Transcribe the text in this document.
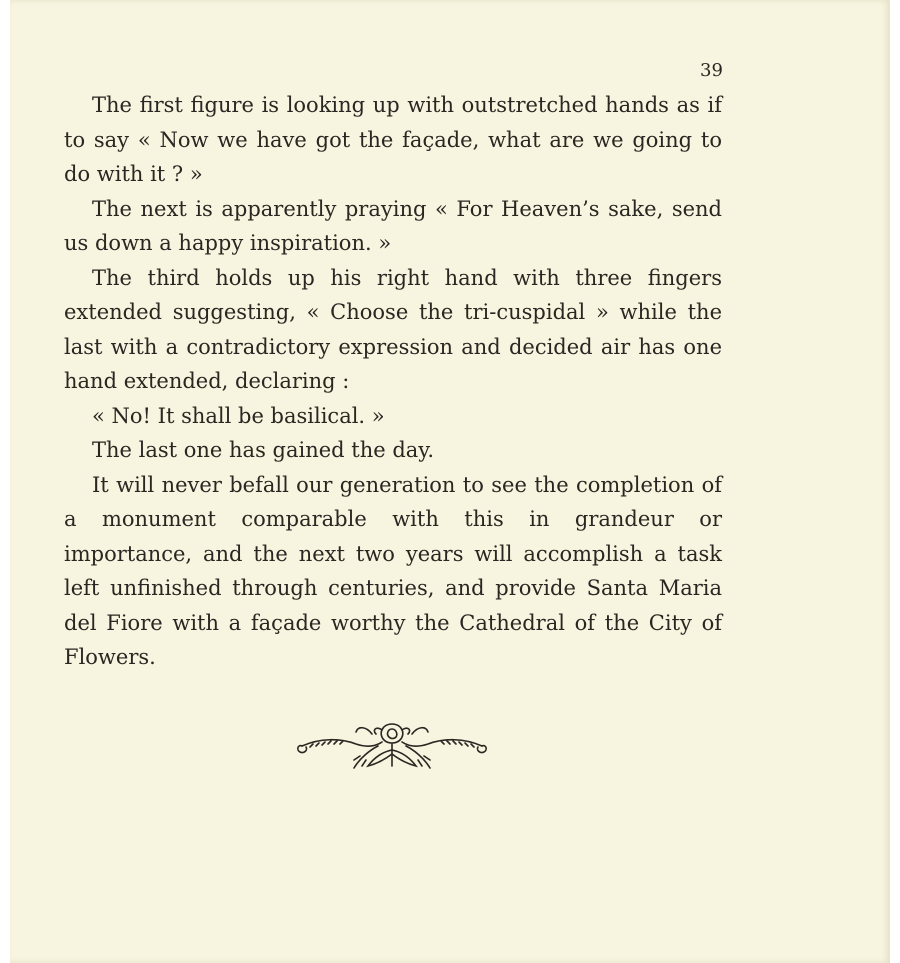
39

The first figure is looking up with outstretched hands as if to say « Now we have got the façade, what are we going to do with it ? »

The next is apparently praying « For Heaven’s sake, send us down a happy inspiration. »

The third holds up his right hand with three fingers extended suggesting, « Choose the tri-cuspidal » while the last with a contradictory expression and decided air has one hand extended, declaring :

« No! It shall be basilical. »

The last one has gained the day.

It will never befall our generation to see the completion of a monument comparable with this in grandeur or importance, and the next two years will accomplish a task left unfinished through centuries, and provide Santa Maria del Fiore with a façade worthy the Cathedral of the City of Flowers.
